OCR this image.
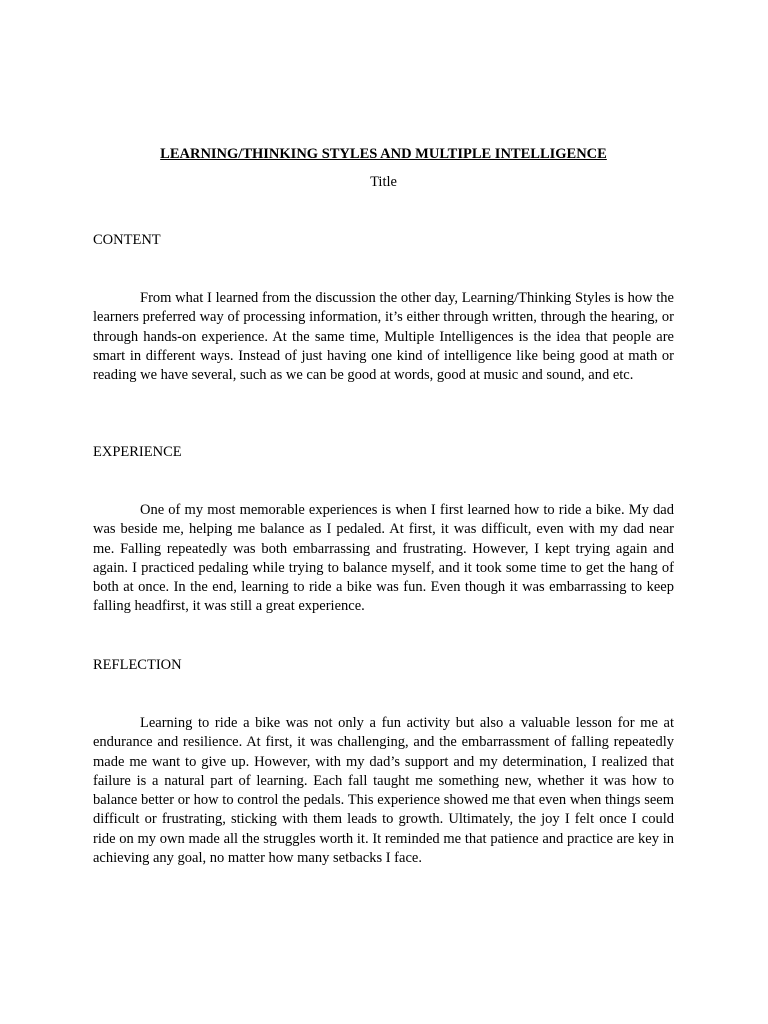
LEARNING/THINKING STYLES AND MULTIPLE INTELLIGENCE
Title
CONTENT

From what I learned from the discussion the other day, Learning/Thinking Styles is how the learners preferred way of processing information, it’s either through written, through the hearing, or through hands-on experience. At the same time, Multiple Intelligences is the idea that people are smart in different ways. Instead of just having one kind of intelligence like being good at math or reading we have several, such as we can be good at words, good at music and sound, and etc.

EXPERIENCE

One of my most memorable experiences is when I first learned how to ride a bike. My dad was beside me, helping me balance as I pedaled. At first, it was difficult, even with my dad near me. Falling repeatedly was both embarrassing and frustrating. However, I kept trying again and again. I practiced pedaling while trying to balance myself, and it took some time to get the hang of both at once. In the end, learning to ride a bike was fun. Even though it was embarrassing to keep falling headfirst, it was still a great experience.

REFLECTION

Learning to ride a bike was not only a fun activity but also a valuable lesson for me at endurance and resilience. At first, it was challenging, and the embarrassment of falling repeatedly made me want to give up. However, with my dad’s support and my determination, I realized that failure is a natural part of learning. Each fall taught me something new, whether it was how to balance better or how to control the pedals. This experience showed me that even when things seem difficult or frustrating, sticking with them leads to growth. Ultimately, the joy I felt once I could ride on my own made all the struggles worth it. It reminded me that patience and practice are key in achieving any goal, no matter how many setbacks I face.
